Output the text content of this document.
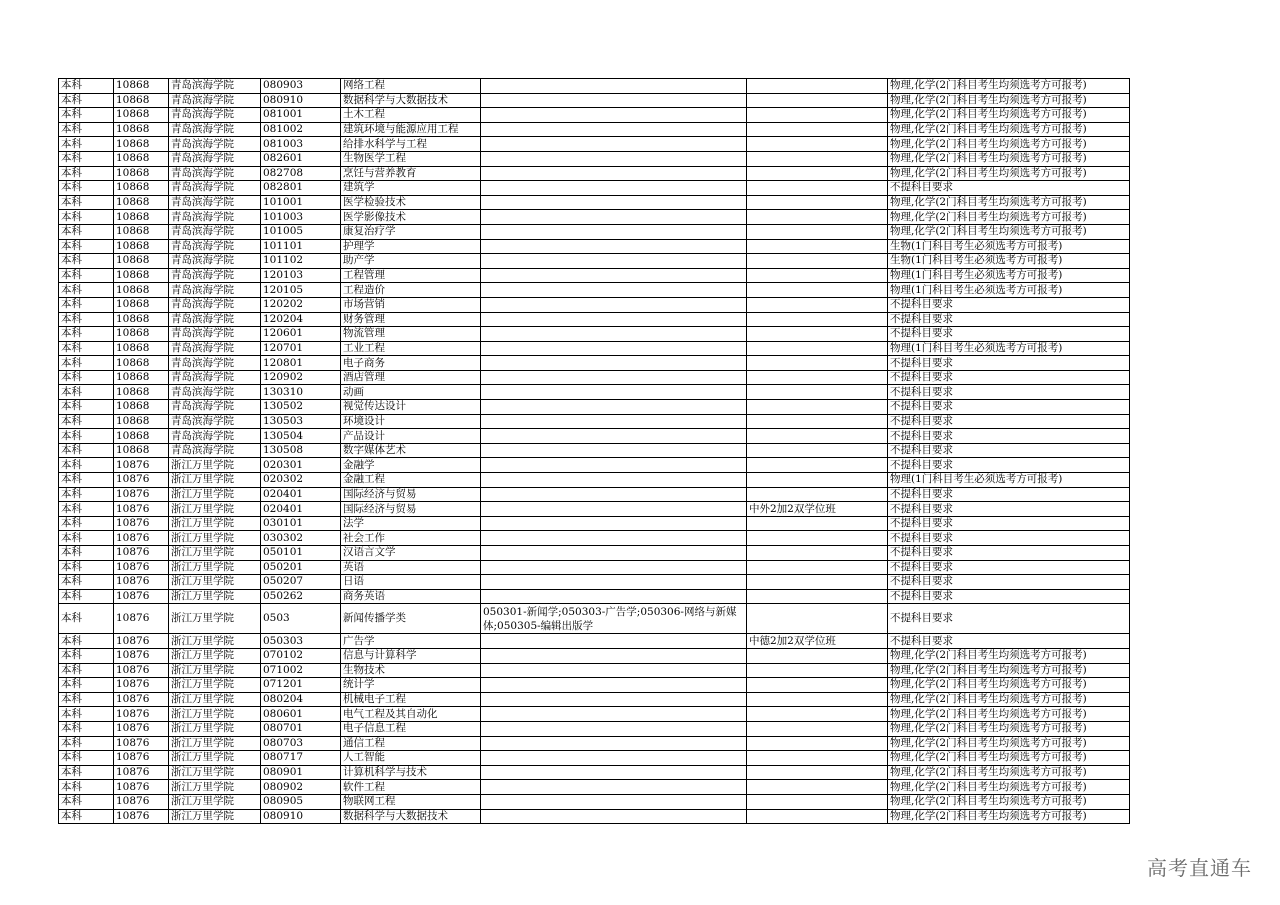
本科	10868	青岛滨海学院	080903	网络工程			物理,化学(2门科目考生均须选考方可报考)
本科	10868	青岛滨海学院	080910	数据科学与大数据技术			物理,化学(2门科目考生均须选考方可报考)
本科	10868	青岛滨海学院	081001	土木工程			物理,化学(2门科目考生均须选考方可报考)
本科	10868	青岛滨海学院	081002	建筑环境与能源应用工程			物理,化学(2门科目考生均须选考方可报考)
本科	10868	青岛滨海学院	081003	给排水科学与工程			物理,化学(2门科目考生均须选考方可报考)
本科	10868	青岛滨海学院	082601	生物医学工程			物理,化学(2门科目考生均须选考方可报考)
本科	10868	青岛滨海学院	082708	烹饪与营养教育			物理,化学(2门科目考生均须选考方可报考)
本科	10868	青岛滨海学院	082801	建筑学			不提科目要求
本科	10868	青岛滨海学院	101001	医学检验技术			物理,化学(2门科目考生均须选考方可报考)
本科	10868	青岛滨海学院	101003	医学影像技术			物理,化学(2门科目考生均须选考方可报考)
本科	10868	青岛滨海学院	101005	康复治疗学			物理,化学(2门科目考生均须选考方可报考)
本科	10868	青岛滨海学院	101101	护理学			生物(1门科目考生必须选考方可报考)
本科	10868	青岛滨海学院	101102	助产学			生物(1门科目考生必须选考方可报考)
本科	10868	青岛滨海学院	120103	工程管理			物理(1门科目考生必须选考方可报考)
本科	10868	青岛滨海学院	120105	工程造价			物理(1门科目考生必须选考方可报考)
本科	10868	青岛滨海学院	120202	市场营销			不提科目要求
本科	10868	青岛滨海学院	120204	财务管理			不提科目要求
本科	10868	青岛滨海学院	120601	物流管理			不提科目要求
本科	10868	青岛滨海学院	120701	工业工程			物理(1门科目考生必须选考方可报考)
本科	10868	青岛滨海学院	120801	电子商务			不提科目要求
本科	10868	青岛滨海学院	120902	酒店管理			不提科目要求
本科	10868	青岛滨海学院	130310	动画			不提科目要求
本科	10868	青岛滨海学院	130502	视觉传达设计			不提科目要求
本科	10868	青岛滨海学院	130503	环境设计			不提科目要求
本科	10868	青岛滨海学院	130504	产品设计			不提科目要求
本科	10868	青岛滨海学院	130508	数字媒体艺术			不提科目要求
本科	10876	浙江万里学院	020301	金融学			不提科目要求
本科	10876	浙江万里学院	020302	金融工程			物理(1门科目考生必须选考方可报考)
本科	10876	浙江万里学院	020401	国际经济与贸易			不提科目要求
本科	10876	浙江万里学院	020401	国际经济与贸易		中外2加2双学位班	不提科目要求
本科	10876	浙江万里学院	030101	法学			不提科目要求
本科	10876	浙江万里学院	030302	社会工作			不提科目要求
本科	10876	浙江万里学院	050101	汉语言文学			不提科目要求
本科	10876	浙江万里学院	050201	英语			不提科目要求
本科	10876	浙江万里学院	050207	日语			不提科目要求
本科	10876	浙江万里学院	050262	商务英语			不提科目要求
本科	10876	浙江万里学院	0503	新闻传播学类	050301-新闻学;050303-广告学;050306-网络与新媒体;050305-编辑出版学		不提科目要求
本科	10876	浙江万里学院	050303	广告学		中德2加2双学位班	不提科目要求
本科	10876	浙江万里学院	070102	信息与计算科学			物理,化学(2门科目考生均须选考方可报考)
本科	10876	浙江万里学院	071002	生物技术			物理,化学(2门科目考生均须选考方可报考)
本科	10876	浙江万里学院	071201	统计学			物理,化学(2门科目考生均须选考方可报考)
本科	10876	浙江万里学院	080204	机械电子工程			物理,化学(2门科目考生均须选考方可报考)
本科	10876	浙江万里学院	080601	电气工程及其自动化			物理,化学(2门科目考生均须选考方可报考)
本科	10876	浙江万里学院	080701	电子信息工程			物理,化学(2门科目考生均须选考方可报考)
本科	10876	浙江万里学院	080703	通信工程			物理,化学(2门科目考生均须选考方可报考)
本科	10876	浙江万里学院	080717	人工智能			物理,化学(2门科目考生均须选考方可报考)
本科	10876	浙江万里学院	080901	计算机科学与技术			物理,化学(2门科目考生均须选考方可报考)
本科	10876	浙江万里学院	080902	软件工程			物理,化学(2门科目考生均须选考方可报考)
本科	10876	浙江万里学院	080905	物联网工程			物理,化学(2门科目考生均须选考方可报考)
本科	10876	浙江万里学院	080910	数据科学与大数据技术			物理,化学(2门科目考生均须选考方可报考)
高考直通车
